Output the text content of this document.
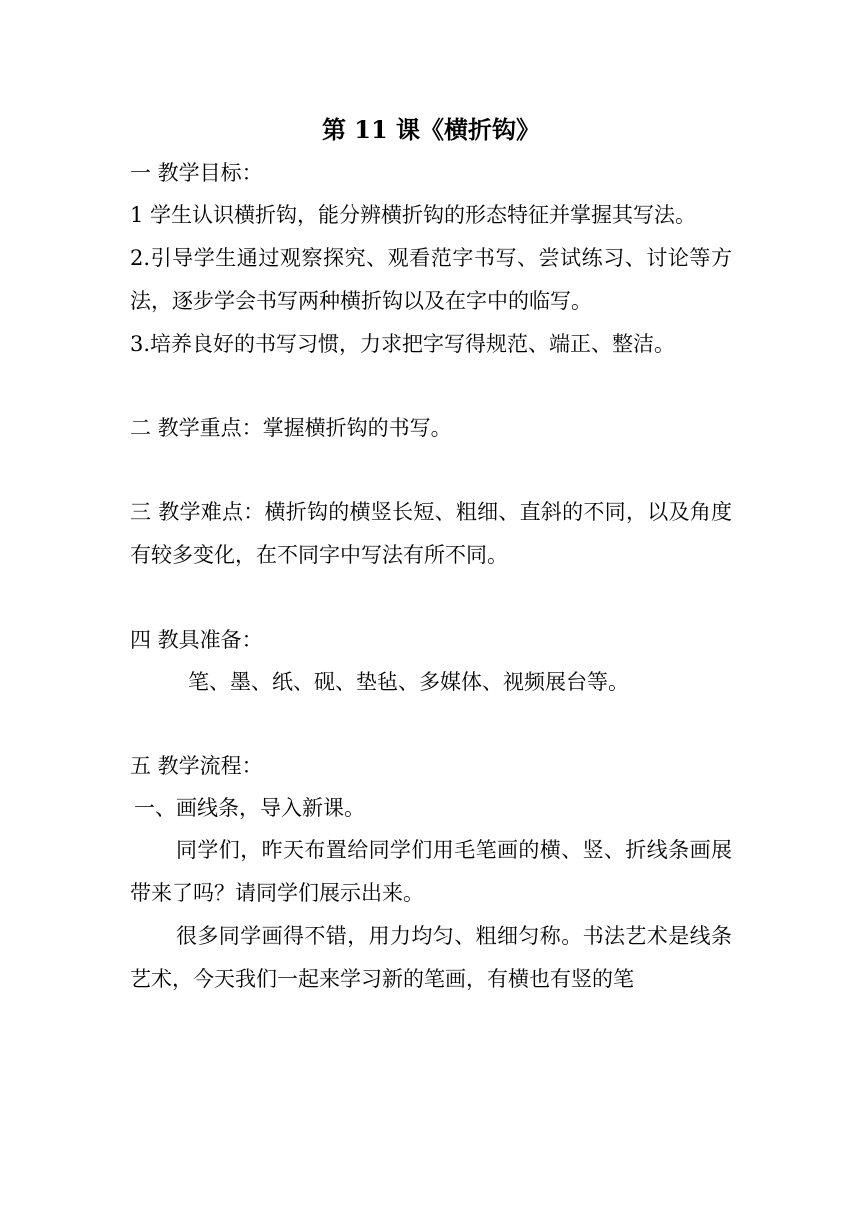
第 11 课《横折钩》

一 教学目标：

1 学生认识横折钩，能分辨横折钩的形态特征并掌握其写法。

2.引导学生通过观察探究、观看范字书写、尝试练习、讨论等方法，逐步学会书写两种横折钩以及在字中的临写。

3.培养良好的书写习惯，力求把字写得规范、端正、整洁。

二 教学重点：掌握横折钩的书写。

三 教学难点：横折钩的横竖长短、粗细、直斜的不同，以及角度有较多变化，在不同字中写法有所不同。

四 教具准备：

笔、墨、纸、砚、垫毡、多媒体、视频展台等。

五 教学流程：

一、画线条，导入新课。

同学们，昨天布置给同学们用毛笔画的横、竖、折线条画展带来了吗？请同学们展示出来。

很多同学画得不错，用力均匀、粗细匀称。书法艺术是线条艺术，今天我们一起来学习新的笔画，有横也有竖的笔
